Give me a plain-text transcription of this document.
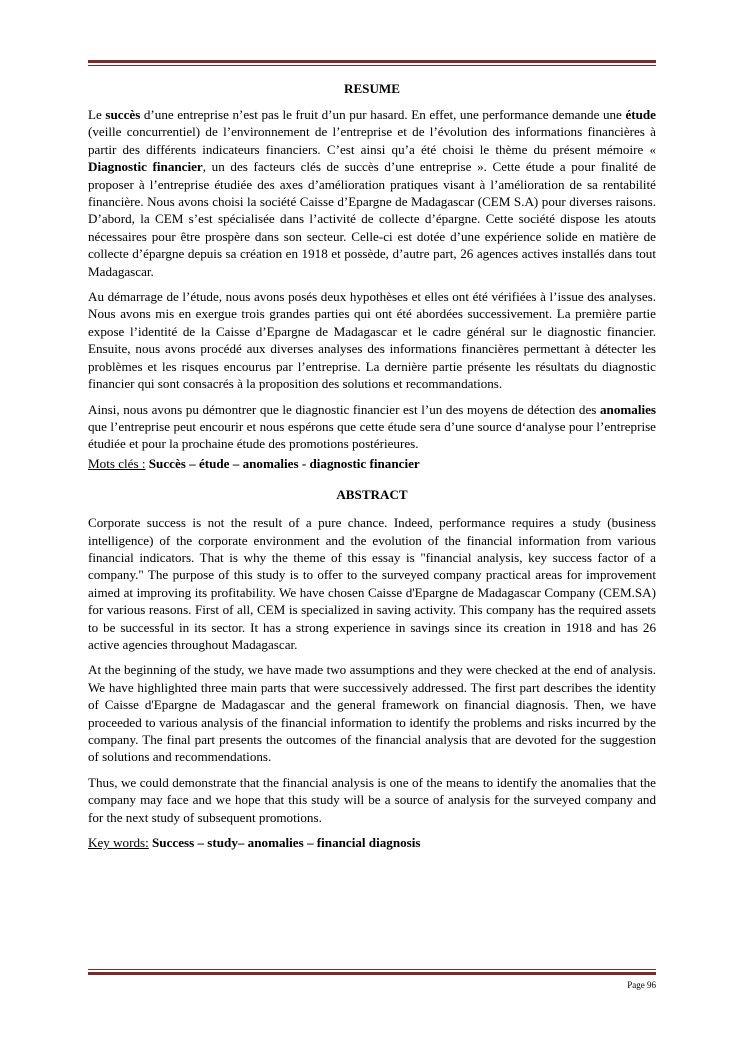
RESUME

Le succès d’une entreprise n’est pas le fruit d’un pur hasard. En effet, une performance demande une étude (veille concurrentiel) de l’environnement de l’entreprise et de l’évolution des informations financières à partir des différents indicateurs financiers. C’est ainsi qu’a été choisi le thème du présent mémoire « Diagnostic financier, un des facteurs clés de succès d’une entreprise ». Cette étude a pour finalité de proposer à l’entreprise étudiée des axes d’amélioration pratiques visant à l’amélioration de sa rentabilité financière. Nous avons choisi la société Caisse d’Epargne de Madagascar (CEM S.A) pour diverses raisons. D’abord, la CEM s’est spécialisée dans l’activité de collecte d’épargne. Cette société dispose les atouts nécessaires pour être prospère dans son secteur. Celle-ci est dotée d’une expérience solide en matière de collecte d’épargne depuis sa création en 1918 et possède, d’autre part, 26 agences actives installés dans tout Madagascar.

Au démarrage de l’étude, nous avons posés deux hypothèses et elles ont été vérifiées à l’issue des analyses. Nous avons mis en exergue trois grandes parties qui ont été abordées successivement. La première partie expose l’identité de la Caisse d’Epargne de Madagascar et le cadre général sur le diagnostic financier. Ensuite, nous avons procédé aux diverses analyses des informations financières permettant à détecter les problèmes et les risques encourus par l’entreprise. La dernière partie présente les résultats du diagnostic financier qui sont consacrés à la proposition des solutions et recommandations.

Ainsi, nous avons pu démontrer que le diagnostic financier est l’un des moyens de détection des anomalies que l’entreprise peut encourir et nous espérons que cette étude sera d’une source d‘analyse pour l’entreprise étudiée et pour la prochaine étude des promotions postérieures.

Mots clés : Succès – étude – anomalies - diagnostic financier

ABSTRACT

Corporate success is not the result of a pure chance. Indeed, performance requires a study (business intelligence) of the corporate environment and the evolution of the financial information from various financial indicators. That is why the theme of this essay is "financial analysis, key success factor of a company." The purpose of this study is to offer to the surveyed company practical areas for improvement aimed at improving its profitability. We have chosen Caisse d'Epargne de Madagascar Company (CEM.SA) for various reasons. First of all, CEM is specialized in saving activity. This company has the required assets to be successful in its sector. It has a strong experience in savings since its creation in 1918 and has 26 active agencies throughout Madagascar.

At the beginning of the study, we have made two assumptions and they were checked at the end of analysis. We have highlighted three main parts that were successively addressed. The first part describes the identity of Caisse d'Epargne de Madagascar and the general framework on financial diagnosis. Then, we have proceeded to various analysis of the financial information to identify the problems and risks incurred by the company. The final part presents the outcomes of the financial analysis that are devoted for the suggestion of solutions and recommendations.

Thus, we could demonstrate that the financial analysis is one of the means to identify the anomalies that the company may face and we hope that this study will be a source of analysis for the surveyed company and for the next study of subsequent promotions.

Key words: Success – study– anomalies – financial diagnosis

Page 96
